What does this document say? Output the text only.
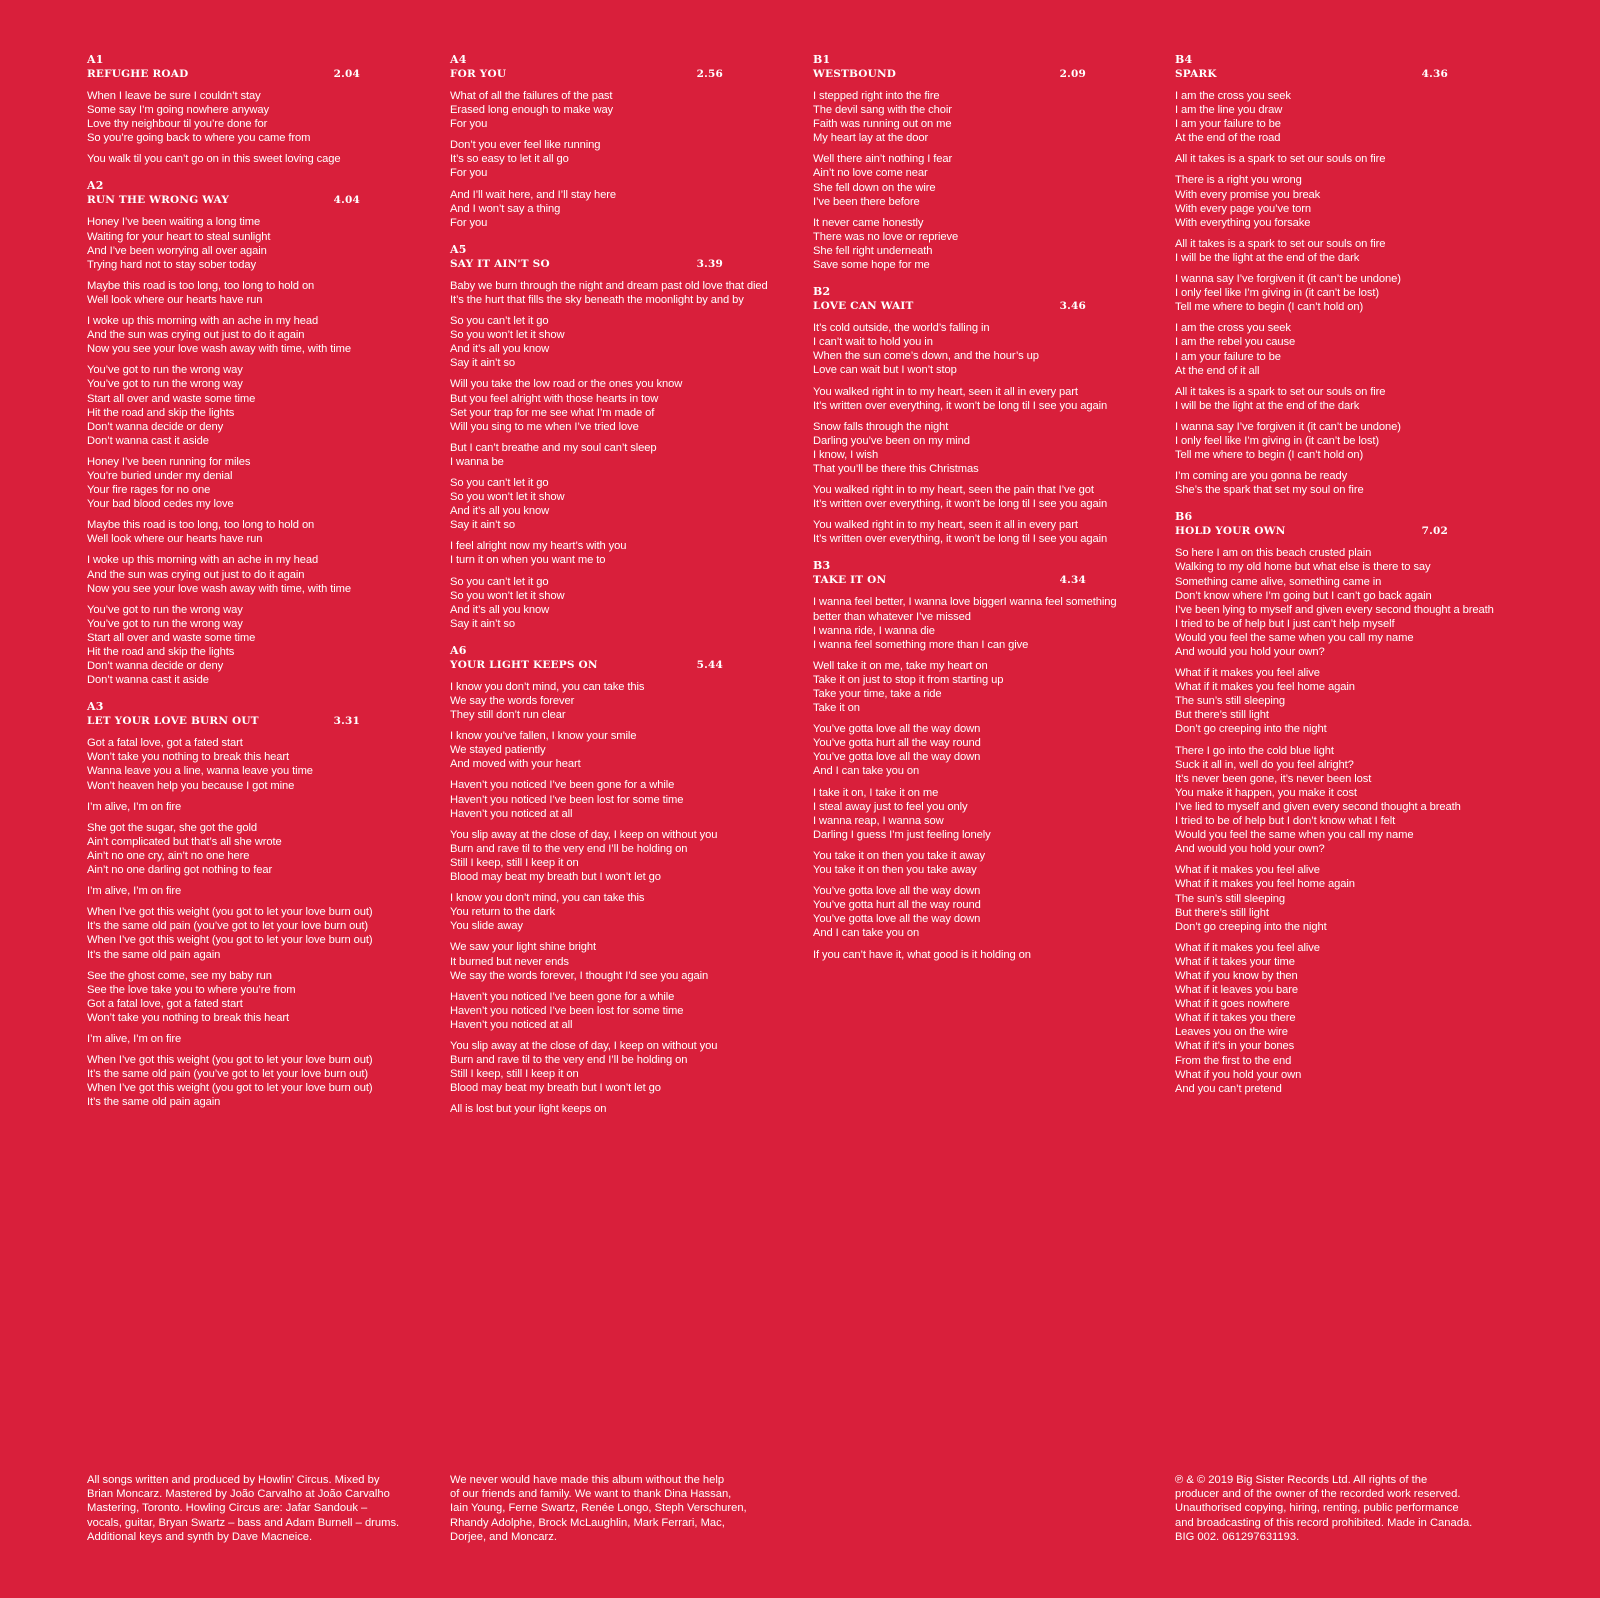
A1
REFUGHE ROAD	2.04
When I leave be sure I couldn’t stay
Some say I’m going nowhere anyway
Love thy neighbour til you’re done for
So you’re going back to where you came from
You walk til you can’t go on in this sweet loving cage
A2
RUN THE WRONG WAY	4.04
Honey I’ve been waiting a long time
Waiting for your heart to steal sunlight
And I’ve been worrying all over again
Trying hard not to stay sober today
Maybe this road is too long, too long to hold on
Well look where our hearts have run
I woke up this morning with an ache in my head
And the sun was crying out just to do it again
Now you see your love wash away with time, with time
You’ve got to run the wrong way
You’ve got to run the wrong way
Start all over and waste some time
Hit the road and skip the lights
Don’t wanna decide or deny
Don’t wanna cast it aside
Honey I’ve been running for miles
You’re buried under my denial
Your fire rages for no one
Your bad blood cedes my love
Maybe this road is too long, too long to hold on
Well look where our hearts have run
I woke up this morning with an ache in my head
And the sun was crying out just to do it again
Now you see your love wash away with time, with time
You’ve got to run the wrong way
You’ve got to run the wrong way
Start all over and waste some time
Hit the road and skip the lights
Don’t wanna decide or deny
Don’t wanna cast it aside
A3
LET YOUR LOVE BURN OUT	3.31
Got a fatal love, got a fated start
Won’t take you nothing to break this heart
Wanna leave you a line, wanna leave you time
Won’t heaven help you because I got mine
I’m alive, I’m on fire
She got the sugar, she got the gold
Ain’t complicated but that’s all she wrote
Ain’t no one cry, ain’t no one here
Ain’t no one darling got nothing to fear
I’m alive, I’m on fire
When I’ve got this weight (you got to let your love burn out)
It’s the same old pain (you’ve got to let your love burn out)
When I’ve got this weight (you got to let your love burn out)
It’s the same old pain again
See the ghost come, see my baby run
See the love take you to where you’re from
Got a fatal love, got a fated start
Won’t take you nothing to break this heart
I’m alive, I’m on fire
When I’ve got this weight (you got to let your love burn out)
It’s the same old pain (you’ve got to let your love burn out)
When I’ve got this weight (you got to let your love burn out)
It’s the same old pain again
A4
FOR YOU	2.56
What of all the failures of the past
Erased long enough to make way
For you
Don’t you ever feel like running
It’s so easy to let it all go
For you
And I’ll wait here, and I’ll stay here
And I won’t say a thing
For you
A5
SAY IT AIN'T SO	3.39
Baby we burn through the night and dream past old love that died
It’s the hurt that fills the sky beneath the moonlight by and by
So you can’t let it go
So you won’t let it show
And it’s all you know
Say it ain’t so
Will you take the low road or the ones you know
But you feel alright with those hearts in tow
Set your trap for me see what I’m made of
Will you sing to me when I’ve tried love
But I can’t breathe and my soul can’t sleep
I wanna be
So you can’t let it go
So you won’t let it show
And it’s all you know
Say it ain’t so
I feel alright now my heart’s with you
I turn it on when you want me to
So you can’t let it go
So you won’t let it show
And it’s all you know
Say it ain’t so
A6
YOUR LIGHT KEEPS ON	5.44
I know you don’t mind, you can take this
We say the words forever
They still don’t run clear
I know you’ve fallen, I know your smile
We stayed patiently
And moved with your heart
Haven’t you noticed I’ve been gone for a while
Haven’t you noticed I’ve been lost for some time
Haven’t you noticed at all
You slip away at the close of day, I keep on without you
Burn and rave til to the very end I’ll be holding on
Still I keep, still I keep it on
Blood may beat my breath but I won’t let go
I know you don’t mind, you can take this
You return to the dark
You slide away
We saw your light shine bright
It burned but never ends
We say the words forever, I thought I’d see you again
Haven’t you noticed I’ve been gone for a while
Haven’t you noticed I’ve been lost for some time
Haven’t you noticed at all
You slip away at the close of day, I keep on without you
Burn and rave til to the very end I’ll be holding on
Still I keep, still I keep it on
Blood may beat my breath but I won’t let go
All is lost but your light keeps on
B1
WESTBOUND	2.09
I stepped right into the fire
The devil sang with the choir
Faith was running out on me
My heart lay at the door
Well there ain’t nothing I fear
Ain’t no love come near
She fell down on the wire
I’ve been there before
It never came honestly
There was no love or reprieve
She fell right underneath
Save some hope for me
B2
LOVE CAN WAIT	3.46
It’s cold outside, the world’s falling in
I can’t wait to hold you in
When the sun come’s down, and the hour’s up
Love can wait but I won’t stop
You walked right in to my heart, seen it all in every part
It’s written over everything, it won’t be long til I see you again
Snow falls through the night
Darling you’ve been on my mind
I know, I wish
That you’ll be there this Christmas
You walked right in to my heart, seen the pain that I’ve got
It’s written over everything, it won’t be long til I see you again
You walked right in to my heart, seen it all in every part
It’s written over everything, it won’t be long til I see you again
B3
TAKE IT ON	4.34
I wanna feel better, I wanna love biggerI wanna feel something
better than whatever I’ve missed
I wanna ride, I wanna die
I wanna feel something more than I can give
Well take it on me, take my heart on
Take it on just to stop it from starting up
Take your time, take a ride
Take it on
You’ve gotta love all the way down
You’ve gotta hurt all the way round
You’ve gotta love all the way down
And I can take you on
I take it on, I take it on me
I steal away just to feel you only
I wanna reap, I wanna sow
Darling I guess I’m just feeling lonely
You take it on then you take it away
You take it on then you take away
You’ve gotta love all the way down
You’ve gotta hurt all the way round
You’ve gotta love all the way down
And I can take you on
If you can’t have it, what good is it holding on
B4
SPARK	4.36
I am the cross you seek
I am the line you draw
I am your failure to be
At the end of the road
All it takes is a spark to set our souls on fire
There is a right you wrong
With every promise you break
With every page you’ve torn
With everything you forsake
All it takes is a spark to set our souls on fire
I will be the light at the end of the dark
I wanna say I’ve forgiven it (it can’t be undone)
I only feel like I’m giving in (it can’t be lost)
Tell me where to begin (I can’t hold on)
I am the cross you seek
I am the rebel you cause
I am your failure to be
At the end of it all
All it takes is a spark to set our souls on fire
I will be the light at the end of the dark
I wanna say I’ve forgiven it (it can’t be undone)
I only feel like I’m giving in (it can’t be lost)
Tell me where to begin (I can’t hold on)
I’m coming are you gonna be ready
She’s the spark that set my soul on fire
B6
HOLD YOUR OWN	7.02
So here I am on this beach crusted plain
Walking to my old home but what else is there to say
Something came alive, something came in
Don’t know where I’m going but I can’t go back again
I’ve been lying to myself and given every second thought a breath
I tried to be of help but I just can’t help myself
Would you feel the same when you call my name
And would you hold your own?
What if it makes you feel alive
What if it makes you feel home again
The sun’s still sleeping
But there’s still light
Don’t go creeping into the night
There I go into the cold blue light
Suck it all in, well do you feel alright?
It’s never been gone, it’s never been lost
You make it happen, you make it cost
I’ve lied to myself and given every second thought a breath
I tried to be of help but I don’t know what I felt
Would you feel the same when you call my name
And would you hold your own?
What if it makes you feel alive
What if it makes you feel home again
The sun’s still sleeping
But there’s still light
Don’t go creeping into the night
What if it makes you feel alive
What if it takes your time
What if you know by then
What if it leaves you bare
What if it goes nowhere
What if it takes you there
Leaves you on the wire
What if it’s in your bones
From the first to the end
What if you hold your own
And you can’t pretend
All songs written and produced by Howlin’ Circus. Mixed by
Brian Moncarz. Mastered by João Carvalho at João Carvalho
Mastering, Toronto. Howling Circus are: Jafar Sandouk –
vocals, guitar, Bryan Swartz – bass and Adam Burnell – drums.
Additional keys and synth by Dave Macneice.
We never would have made this album without the help
of our friends and family. We want to thank Dina Hassan,
Iain Young, Ferne Swartz, Renée Longo, Steph Verschuren,
Rhandy Adolphe, Brock McLaughlin, Mark Ferrari, Mac,
Dorjee, and Moncarz.
℗ & © 2019 Big Sister Records Ltd. All rights of the
producer and of the owner of the recorded work reserved.
Unauthorised copying, hiring, renting, public performance
and broadcasting of this record prohibited. Made in Canada.
BIG 002. 061297631193.
